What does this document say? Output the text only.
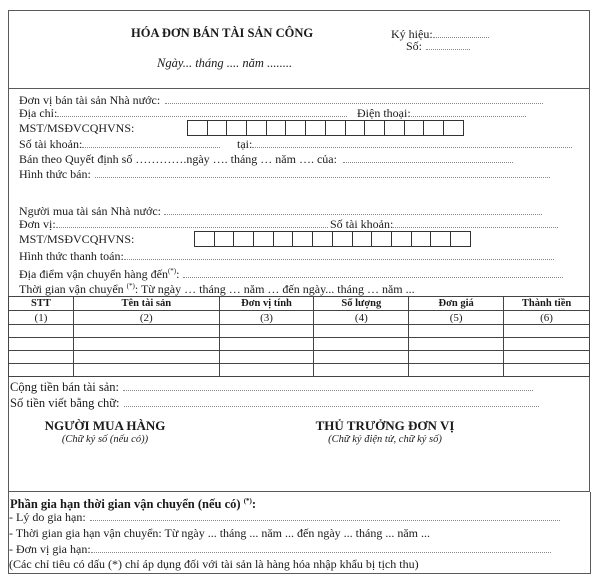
HÓA ĐƠN BÁN TÀI SẢN CÔNG
Ngày... tháng .... năm ........
Ký hiệu:
Số:
Đơn vị bán tài sản Nhà nước:
Địa chỉ:	Điện thoại:
MST/MSĐVCQHVNS:
Số tài khoản:	tại:
Bán theo Quyết định số ………….ngày …. tháng … năm …. của:
Hình thức bán:
Người mua tài sản Nhà nước:
Đơn vị:	Số tài khoản:
MST/MSĐVCQHVNS:
Hình thức thanh toán:
Địa điểm vận chuyển hàng đến(*):
Thời gian vận chuyển (*): Từ ngày … tháng … năm … đến ngày... tháng … năm ...
STT	Tên tài sản	Đơn vị tính	Số lượng	Đơn giá	Thành tiền
(1)	(2)	(3)	(4)	(5)	(6)

Cộng tiền bán tài sản:
Số tiền viết bằng chữ:
NGƯỜI MUA HÀNG
(Chữ ký số (nếu có))
THỦ TRƯỞNG ĐƠN VỊ
(Chữ ký điện tử, chữ ký số)
Phần gia hạn thời gian vận chuyển (nếu có) (*):
- Lý do gia hạn:
- Thời gian gia hạn vận chuyển: Từ ngày ... tháng ... năm ... đến ngày ... tháng ... năm ...
- Đơn vị gia hạn:
(Các chỉ tiêu có dấu (*) chỉ áp dụng đối với tài sản là hàng hóa nhập khẩu bị tịch thu)
